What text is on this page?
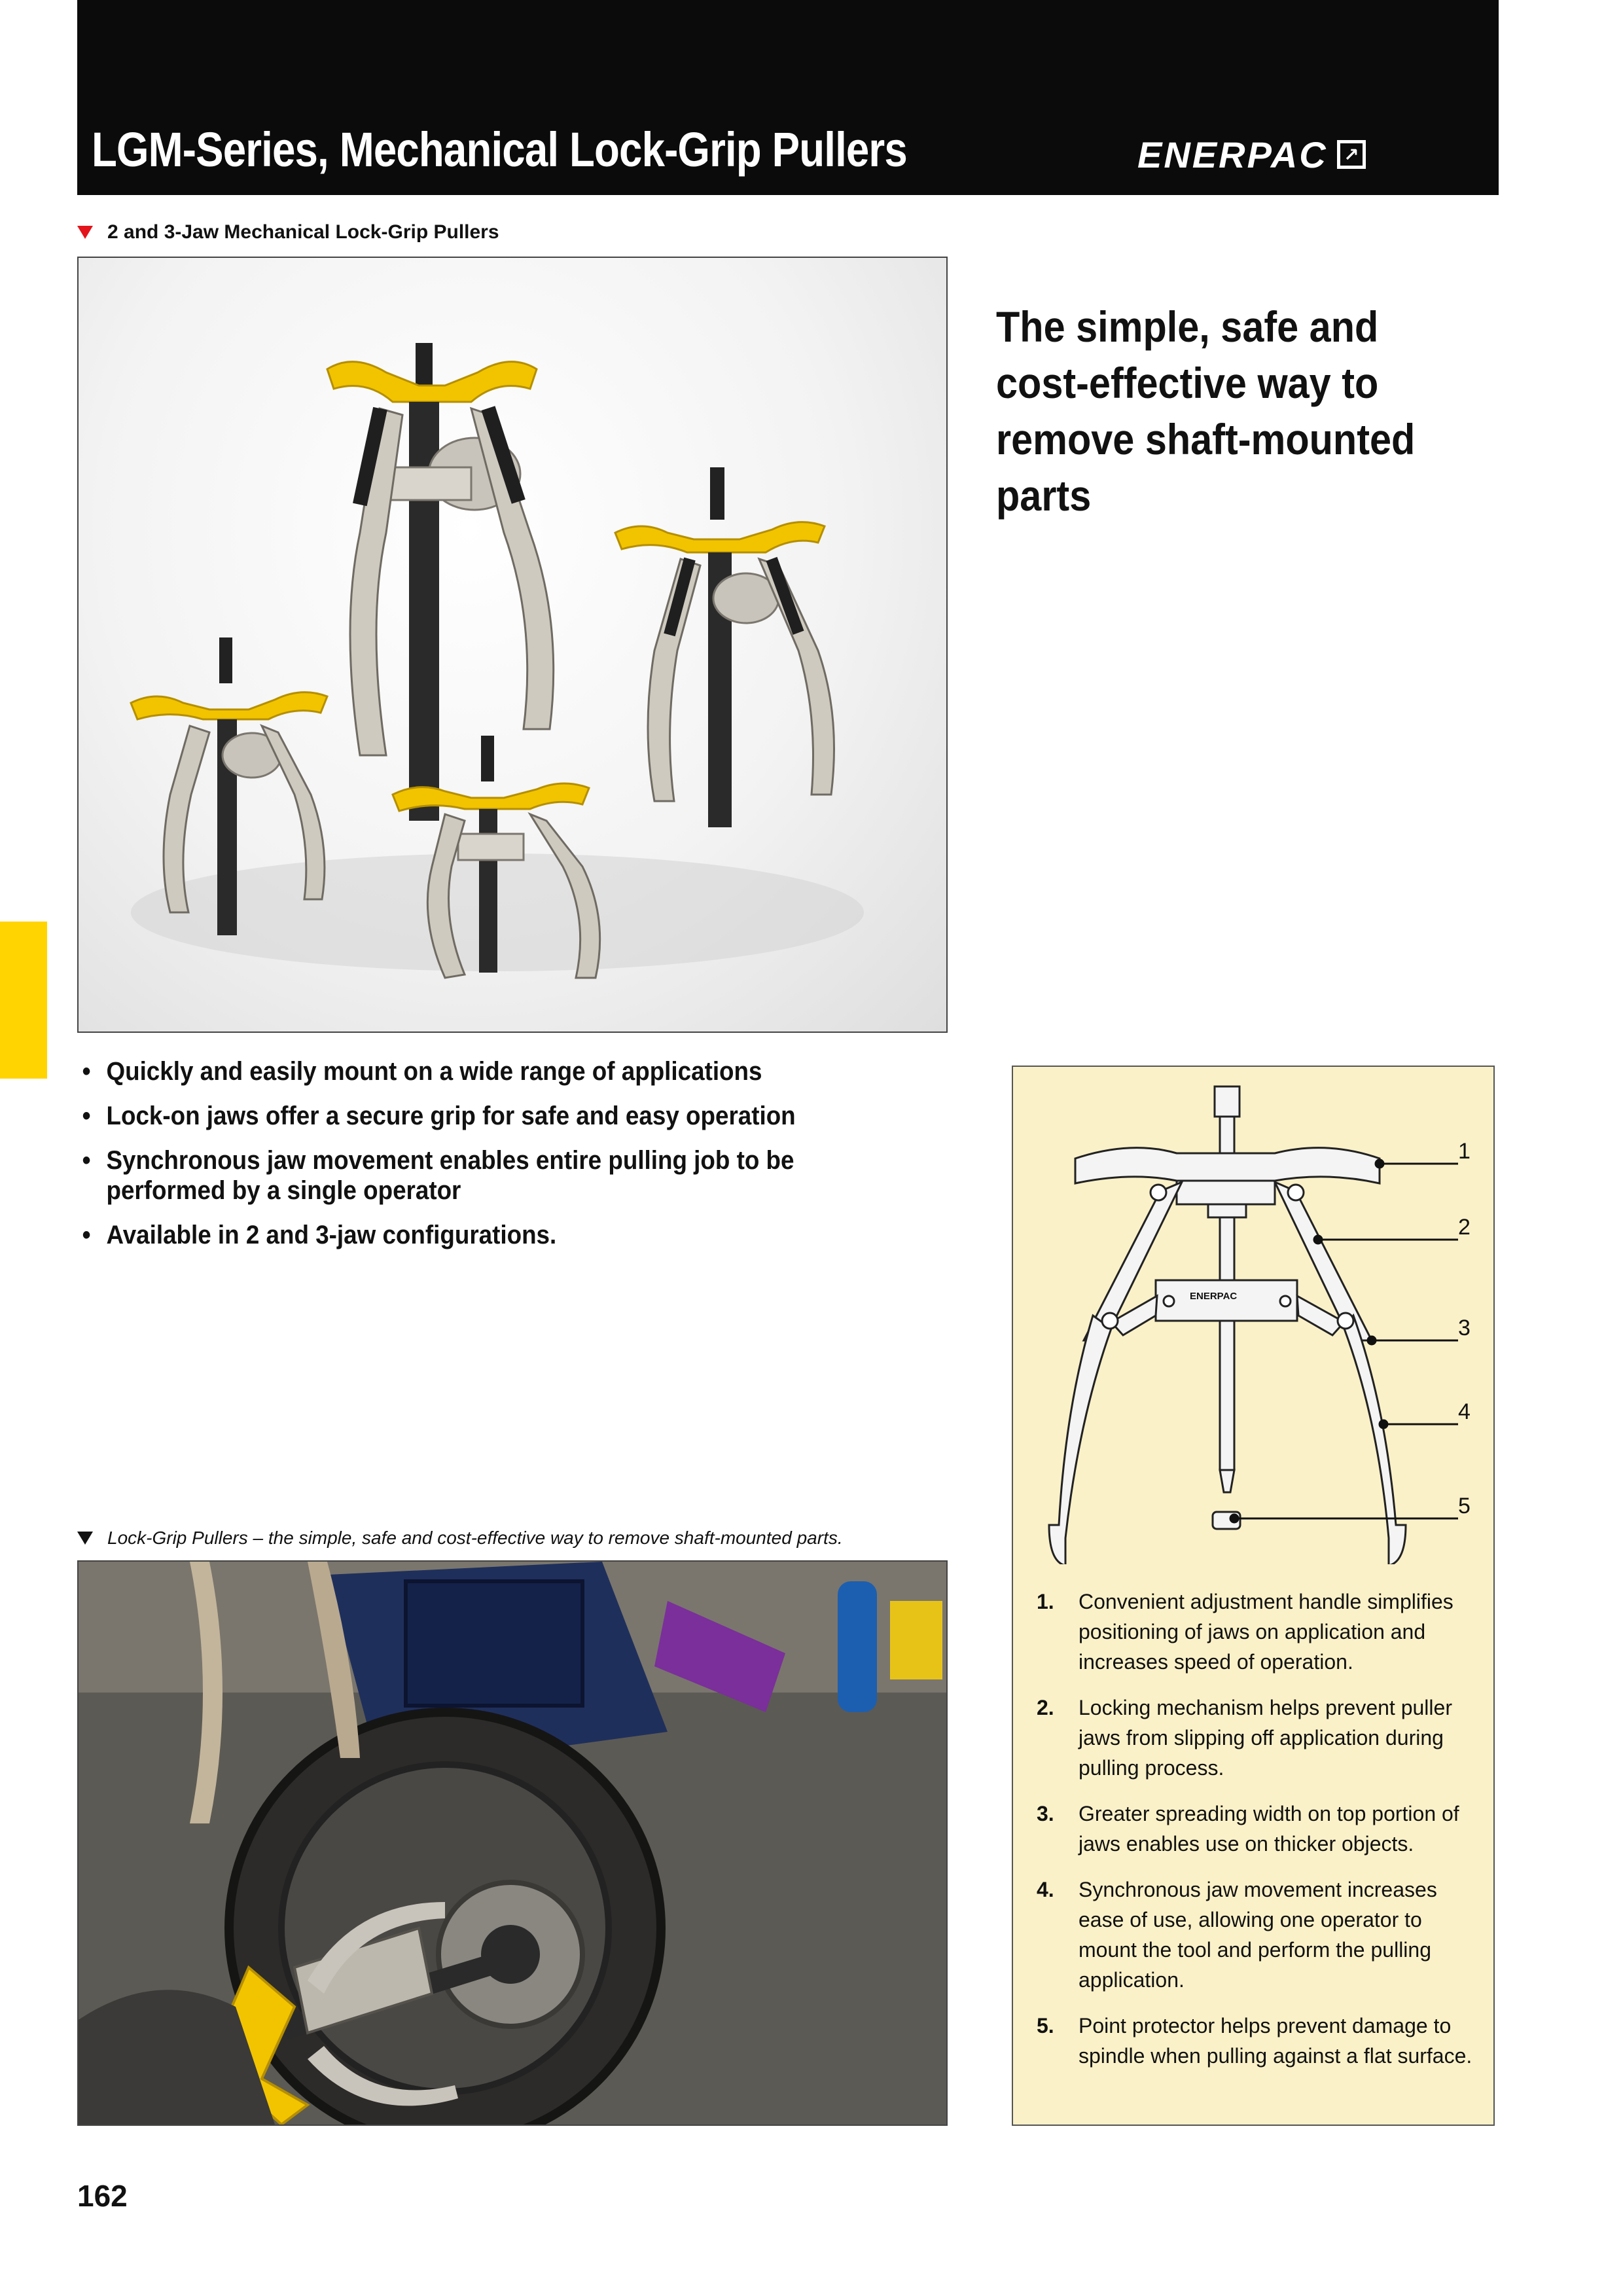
LGM-Series, Mechanical Lock-Grip Pullers	ENERPAC ↗
2 and 3-Jaw Mechanical Lock-Grip Pullers
The simple, safe and cost-effective way to remove shaft-mounted parts
• Quickly and easily mount on a wide range of applications
• Lock-on jaws offer a secure grip for safe and easy operation
• Synchronous jaw movement enables entire pulling job to be performed by a single operator
• Available in 2 and 3-jaw configurations.
Lock-Grip Pullers – the simple, safe and cost-effective way to remove shaft-mounted parts.
ENERPAC
1
2
3
4
5
1. Convenient adjustment handle simplifies positioning of jaws on application and increases speed of operation.
2. Locking mechanism helps prevent puller jaws from slipping off application during pulling process.
3. Greater spreading width on top portion of jaws enables use on thicker objects.
4. Synchronous jaw movement increases ease of use, allowing one operator to mount the tool and perform the pulling application.
5. Point protector helps prevent damage to spindle when pulling against a flat surface.
162
